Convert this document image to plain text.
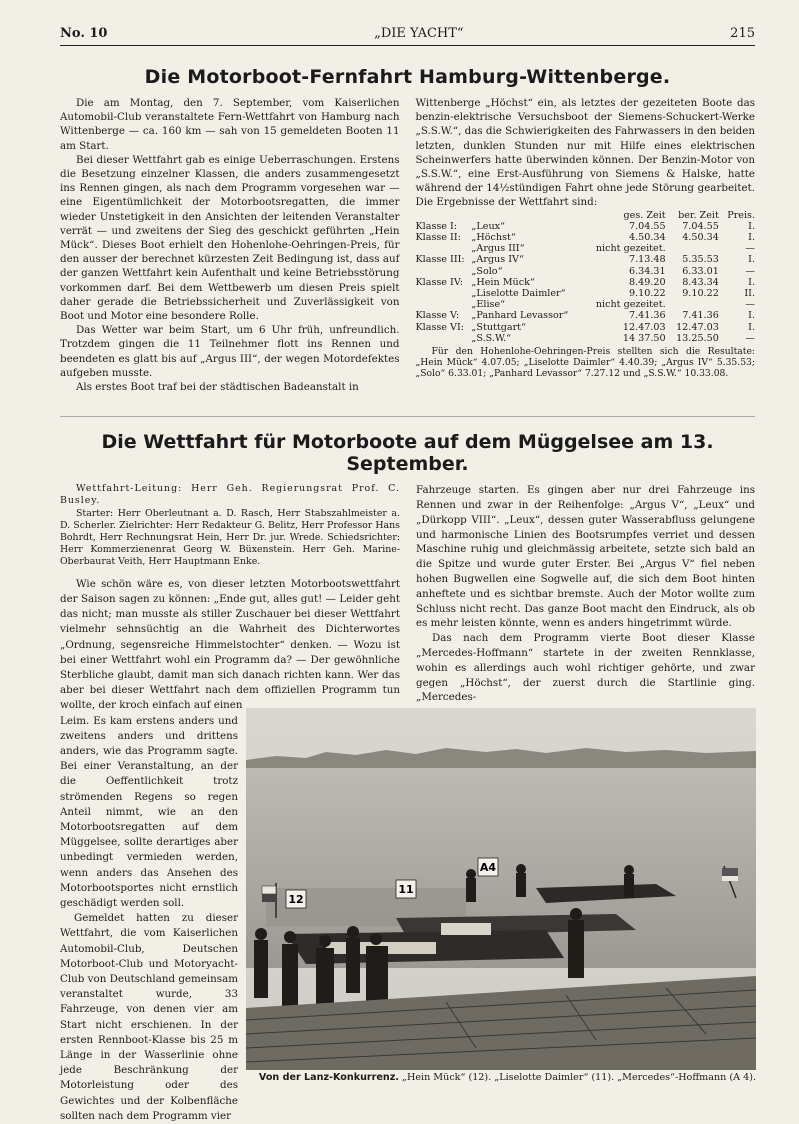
No. 10	„DIE YACHT“	215
Die Motorboot-Fernfahrt Hamburg-Wittenberge.

Die am Montag, den 7. September, vom Kaiserlichen Automobil-Club veranstaltete Fern-Wettfahrt von Hamburg nach Wittenberge — ca. 160 km — sah von 15 gemeldeten Booten 11 am Start.

Bei dieser Wettfahrt gab es einige Ueberraschungen. Erstens die Besetzung einzelner Klassen, die anders zusammengesetzt ins Rennen gingen, als nach dem Programm vorgesehen war — eine Eigentümlichkeit der Motorbootsregatten, die immer wieder Unstetigkeit in den Ansichten der leitenden Veranstalter verrät — und zweitens der Sieg des geschickt geführten „Hein Mück“. Dieses Boot erhielt den Hohenlohe-Oehringen-Preis, für den ausser der berechnet kürzesten Zeit Bedingung ist, dass auf der ganzen Wettfahrt kein Aufenthalt und keine Betriebsstörung vorkommen darf. Bei dem Wettbewerb um diesen Preis spielt daher gerade die Betriebssicherheit und Zuverlässigkeit von Boot und Motor eine besondere Rolle.

Das Wetter war beim Start, um 6 Uhr früh, unfreundlich. Trotzdem gingen die 11 Teilnehmer flott ins Rennen und beendeten es glatt bis auf „Argus III“, der wegen Motordefektes aufgeben musste.

Als erstes Boot traf bei der städtischen Badeanstalt in

Wittenberge „Höchst“ ein, als letztes der gezeiteten Boote das benzin-elektrische Versuchsboot der Siemens-Schuckert-Werke „S.S.W.“, das die Schwierigkeiten des Fahrwassers in den beiden letzten, dunklen Stunden nur mit Hilfe eines elektrischen Scheinwerfers hatte überwinden können. Der Benzin-Motor von „S.S.W.“, eine Erst-Ausführung von Siemens & Halske, hatte während der 14½stündigen Fahrt ohne jede Störung gearbeitet. Die Ergebnisse der Wettfahrt sind:

		ges. Zeit	ber. Zeit	Preis.
Klasse I:	„Leux“	7.04.55	7.04.55	I.
Klasse II:	„Höchst“	4.50.34	4.50.34	I.
	„Argus III“	nicht gezeitet.		—
Klasse III:	„Argus IV“	7.13.48	5.35.53	I.
	„Solo“	6.34.31	6.33.01	—
Klasse IV:	„Hein Mück“	8.49.20	8.43.34	I.
	„Liselotte Daimler“	9.10.22	9.10.22	II.
	„Elise“	nicht gezeitet.		—
Klasse V:	„Panhard Levassor“	7.41.36	7.41.36	I.
Klasse VI:	„Stuttgart“	12.47.03	12.47.03	I.
	„S.S.W.“	14 37.50	13.25.50	—
Für den Hohenlohe-Oehringen-Preis stellten sich die Resultate: „Hein Mück“ 4.07.05; „Liselotte Daimler“ 4.40.39; „Argus IV“ 5.35.53; „Solo“ 6.33.01; „Panhard Levassor“ 7.27.12 und „S.S.W.“ 10.33.08.
Die Wettfahrt für Motorboote auf dem Müggelsee am 13. September.

Wettfahrt-Leitung: Herr Geh. Regierungsrat Prof. C. Busley.

Starter: Herr Oberleutnant a. D. Rasch, Herr Stabszahlmeister a. D. Scherler. Zielrichter: Herr Redakteur G. Belitz, Herr Professor Hans Bohrdt, Herr Rechnungsrat Hein, Herr Dr. jur. Wrede. Schiedsrichter: Herr Kommerzienenrat Georg W. Büxenstein. Herr Geh. Marine-Oberbaurat Veith, Herr Hauptmann Enke.

Wie schön wäre es, von dieser letzten Motorbootswettfahrt der Saison sagen zu können: „Ende gut, alles gut! — Leider geht das nicht; man musste als stiller Zuschauer bei dieser Wettfahrt vielmehr sehnsüchtig an die Wahrheit des Dichterwortes „Ordnung, segensreiche Himmelstochter“ denken. — Wozu ist bei einer Wettfahrt wohl ein Programm da? — Der gewöhnliche Sterbliche glaubt, damit man sich danach richten kann. Wer das aber bei dieser Wettfahrt nach dem offiziellen Programm tun wollte, der kroch einfach auf einen

Leim. Es kam erstens anders und zweitens anders und drittens anders, wie das Programm sagte. Bei einer Veranstaltung, an der die Oeffentlichkeit trotz strömenden Regens so regen Anteil nimmt, wie an den Motorbootsregatten auf dem Müggelsee, sollte derartiges aber unbedingt vermieden werden, wenn anders das Ansehen des Motorbootsportes nicht ernstlich geschädigt werden soll.

Gemeldet hatten zu dieser Wettfahrt, die vom Kaiserlichen Automobil-Club, Deutschen Motorboot-Club und Motoryacht-Club von Deutschland gemeinsam veranstaltet wurde, 33 Fahrzeuge, von denen vier am Start nicht erschienen. In der ersten Rennboot-Klasse bis 25 m Länge in der Wasserlinie ohne jede Beschränkung der Motorleistung oder des Gewichtes und der Kolbenfläche sollten nach dem Programm vier

Fahrzeuge starten. Es gingen aber nur drei Fahrzeuge ins Rennen und zwar in der Reihenfolge: „Argus V“, „Leux“ und „Dürkopp VIII“. „Leux“, dessen guter Wasserabfluss gelungene und harmonische Linien des Bootsrumpfes verriet und dessen Maschine ruhig und gleichmässig arbeitete, setzte sich bald an die Spitze und wurde guter Erster. Bei „Argus V“ fiel neben hohen Bugwellen eine Sogwelle auf, die sich dem Boot hinten anheftete und es sichtbar bremste. Auch der Motor wollte zum Schluss nicht recht. Das ganze Boot macht den Eindruck, als ob es mehr leisten könnte, wenn es anders hingetrimmt würde.

Das nach dem Programm vierte Boot dieser Klasse „Mercedes-Hoffmann“ startete in der zweiten Rennklasse, wohin es allerdings auch wohl richtiger gehörte, und zwar gegen „Höchst“, der zuerst durch die Startlinie ging. „Mercedes-

12
11
A4
Von der Lanz-Konkurrenz. „Hein Mück“ (12). „Liselotte Daimler“ (11). „Mercedes“-Hoffmann (A 4).
